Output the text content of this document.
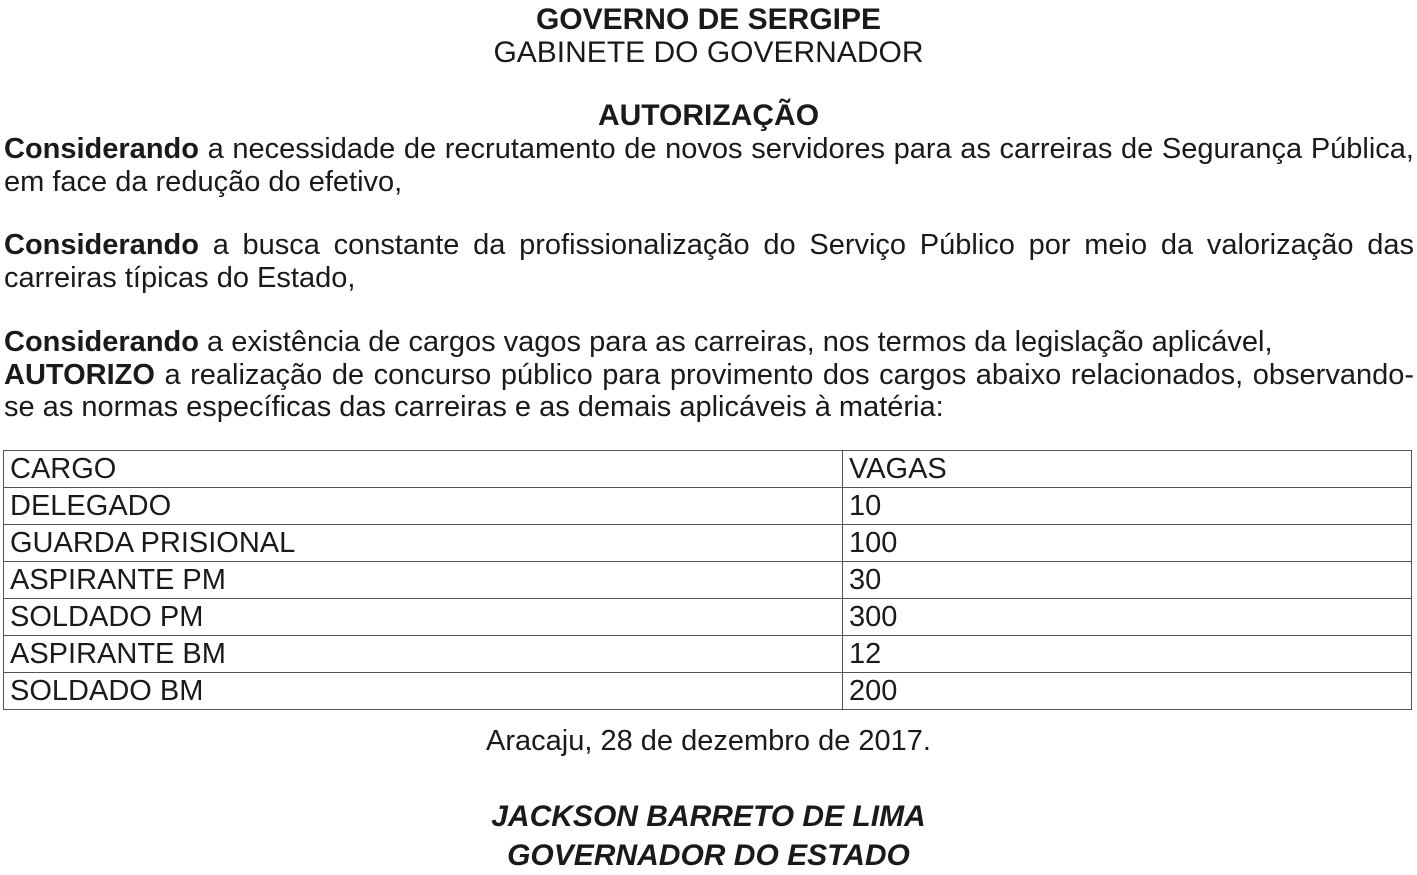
GOVERNO DE SERGIPE
GABINETE DO GOVERNADOR
AUTORIZAÇÃO
Considerando a necessidade de recrutamento de novos servidores para as carreiras de Segurança Pública, em face da redução do efetivo,
Considerando a busca constante da profissionalização do Serviço Público por meio da valorização das carreiras típicas do Estado,
Considerando a existência de cargos vagos para as carreiras, nos termos da legislação aplicável,
AUTORIZO a realização de concurso público para provimento dos cargos abaixo relacionados, observando-se as normas específicas das carreiras e as demais aplicáveis à matéria:
CARGO	VAGAS
DELEGADO	10
GUARDA PRISIONAL	100
ASPIRANTE PM	30
SOLDADO PM	300
ASPIRANTE BM	12
SOLDADO BM	200
Aracaju, 28 de dezembro de 2017.
JACKSON BARRETO DE LIMA
GOVERNADOR DO ESTADO
